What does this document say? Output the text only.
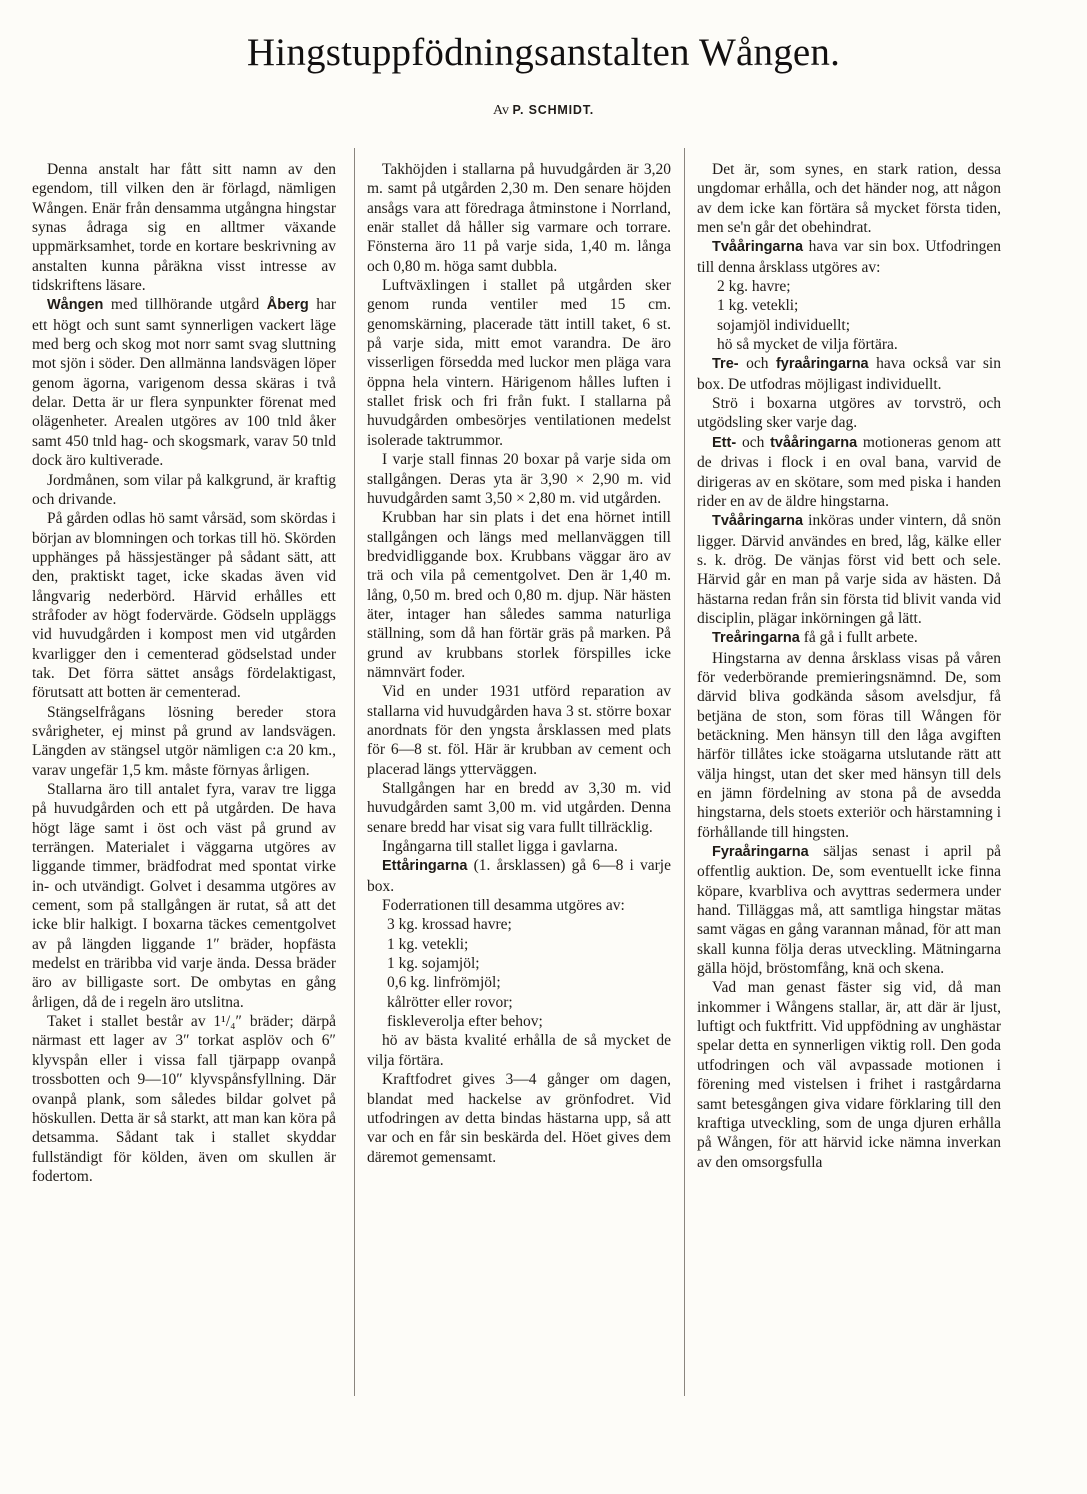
Hingstuppfödningsanstalten Wången.
Av P. SCHMIDT.

Denna anstalt har fått sitt namn av den egendom, till vilken den är förlagd, nämligen Wången. Enär från densamma utgångna hingstar synas ådraga sig en alltmer växande uppmärksamhet, torde en kortare beskrivning av anstalten kunna påräkna visst intresse av tidskriftens läsare.

Wången med tillhörande utgård Åberg har ett högt och sunt samt synnerligen vackert läge med berg och skog mot norr samt svag sluttning mot sjön i söder. Den allmänna landsvägen löper genom ägorna, varigenom dessa skäras i två delar. Detta är ur flera synpunkter förenat med olägenheter. Arealen utgöres av 100 tnld åker samt 450 tnld hag- och skogsmark, varav 50 tnld dock äro kultiverade.

Jordmånen, som vilar på kalkgrund, är kraftig och drivande.

På gården odlas hö samt vårsäd, som skördas i början av blomningen och torkas till hö. Skörden upphänges på hässjestänger på sådant sätt, att den, praktiskt taget, icke skadas även vid långvarig nederbörd. Härvid erhålles ett stråfoder av högt fodervärde. Gödseln uppläggs vid huvudgården i kompost men vid utgården kvarligger den i cementerad gödselstad under tak. Det förra sättet ansågs fördelaktigast, förutsatt att botten är cementerad.

Stängselfrågans lösning bereder stora svårigheter, ej minst på grund av landsvägen. Längden av stängsel utgör nämligen c:a 20 km., varav ungefär 1,5 km. måste förnyas årligen.

Stallarna äro till antalet fyra, varav tre ligga på huvudgården och ett på utgården. De hava högt läge samt i öst och väst på grund av terrängen. Materialet i väggarna utgöres av liggande timmer, brädfodrat med spontat virke in- och utvändigt. Golvet i desamma utgöres av cement, som på stallgången är rutat, så att det icke blir halkigt. I boxarna täckes cementgolvet av på längden liggande 1″ bräder, hopfästa medelst en träribba vid varje ända. Dessa bräder äro av billigaste sort. De ombytas en gång årligen, då de i regeln äro utslitna.

Taket i stallet består av 1¹/₄″ bräder; därpå närmast ett lager av 3″ torkat asplöv och 6″ klyvspån eller i vissa fall tjärpapp ovanpå trossbotten och 9—10″ klyvspånsfyllning. Där ovanpå plank, som således bildar golvet på höskullen. Detta är så starkt, att man kan köra på detsamma. Sådant tak i stallet skyddar fullständigt för kölden, även om skullen är fodertom.

Takhöjden i stallarna på huvudgården är 3,20 m. samt på utgården 2,30 m. Den senare höjden ansågs vara att föredraga åtminstone i Norrland, enär stallet då håller sig varmare och torrare. Fönsterna äro 11 på varje sida, 1,40 m. långa och 0,80 m. höga samt dubbla.

Luftväxlingen i stallet på utgården sker genom runda ventiler med 15 cm. genomskärning, placerade tätt intill taket, 6 st. på varje sida, mitt emot varandra. De äro visserligen försedda med luckor men pläga vara öppna hela vintern. Härigenom hålles luften i stallet frisk och fri från fukt. I stallarna på huvudgården ombesörjes ventilationen medelst isolerade taktrummor.

I varje stall finnas 20 boxar på varje sida om stallgången. Deras yta är 3,90 × 2,90 m. vid huvudgården samt 3,50 × 2,80 m. vid utgården.

Krubban har sin plats i det ena hörnet intill stallgången och längs med mellanväggen till bredvidliggande box. Krubbans väggar äro av trä och vila på cementgolvet. Den är 1,40 m. lång, 0,50 m. bred och 0,80 m. djup. När hästen äter, intager han således samma naturliga ställning, som då han förtär gräs på marken. På grund av krubbans storlek förspilles icke nämnvärt foder.

Vid en under 1931 utförd reparation av stallarna vid huvudgården hava 3 st. större boxar anordnats för den yngsta årsklassen med plats för 6—8 st. föl. Här är krubban av cement och placerad längs ytterväggen.

Stallgången har en bredd av 3,30 m. vid huvudgården samt 3,00 m. vid utgården. Denna senare bredd har visat sig vara fullt tillräcklig.

Ingångarna till stallet ligga i gavlarna.

Ettåringarna (1. årsklassen) gå 6—8 i varje box.

Foderrationen till desamma utgöres av:

3 kg. krossad havre;
1 kg. vetekli;
1 kg. sojamjöl;
0,6 kg. linfrömjöl;
kålrötter eller rovor;
fiskleverolja efter behov;

hö av bästa kvalité erhålla de så mycket de vilja förtära.

Kraftfodret gives 3—4 gånger om dagen, blandat med hackelse av grönfodret. Vid utfodringen av detta bindas hästarna upp, så att var och en får sin beskärda del. Höet gives dem däremot gemensamt.

Det är, som synes, en stark ration, dessa ungdomar erhålla, och det händer nog, att någon av dem icke kan förtära så mycket första tiden, men se'n går det obehindrat.

Tvååringarna hava var sin box. Utfodringen till denna årsklass utgöres av:

2 kg. havre;
1 kg. vetekli;
sojamjöl individuellt;
hö så mycket de vilja förtära.

Tre- och fyraåringarna hava också var sin box. De utfodras möjligast individuellt.

Strö i boxarna utgöres av torvströ, och utgödsling sker varje dag.

Ett- och tvååringarna motioneras genom att de drivas i flock i en oval bana, varvid de dirigeras av en skötare, som med piska i handen rider en av de äldre hingstarna.

Tvååringarna inköras under vintern, då snön ligger. Därvid användes en bred, låg, kälke eller s. k. drög. De vänjas först vid bett och sele. Härvid går en man på varje sida av hästen. Då hästarna redan från sin första tid blivit vanda vid disciplin, plägar inkörningen gå lätt.

Treåringarna få gå i fullt arbete.

Hingstarna av denna årsklass visas på våren för vederbörande premieringsnämnd. De, som därvid bliva godkända såsom avelsdjur, få betjäna de ston, som föras till Wången för betäckning. Men hänsyn till den låga avgiften härför tillåtes icke stoägarna utslutande rätt att välja hingst, utan det sker med hänsyn till dels en jämn fördelning av stona på de avsedda hingstarna, dels stoets exteriör och härstamning i förhållande till hingsten.

Fyraåringarna säljas senast i april på offentlig auktion. De, som eventuellt icke finna köpare, kvarbliva och avyttras sedermera under hand. Tilläggas må, att samtliga hingstar mätas samt vägas en gång varannan månad, för att man skall kunna följa deras utveckling. Mätningarna gälla höjd, bröstomfång, knä och skena.

Vad man genast fäster sig vid, då man inkommer i Wångens stallar, är, att där är ljust, luftigt och fuktfritt. Vid uppfödning av unghästar spelar detta en synnerligen viktig roll. Den goda utfodringen och väl avpassade motionen i förening med vistelsen i frihet i rastgårdarna samt betesgången giva vidare förklaring till den kraftiga utveckling, som de unga djuren erhålla på Wången, för att härvid icke nämna inverkan av den omsorgsfulla
